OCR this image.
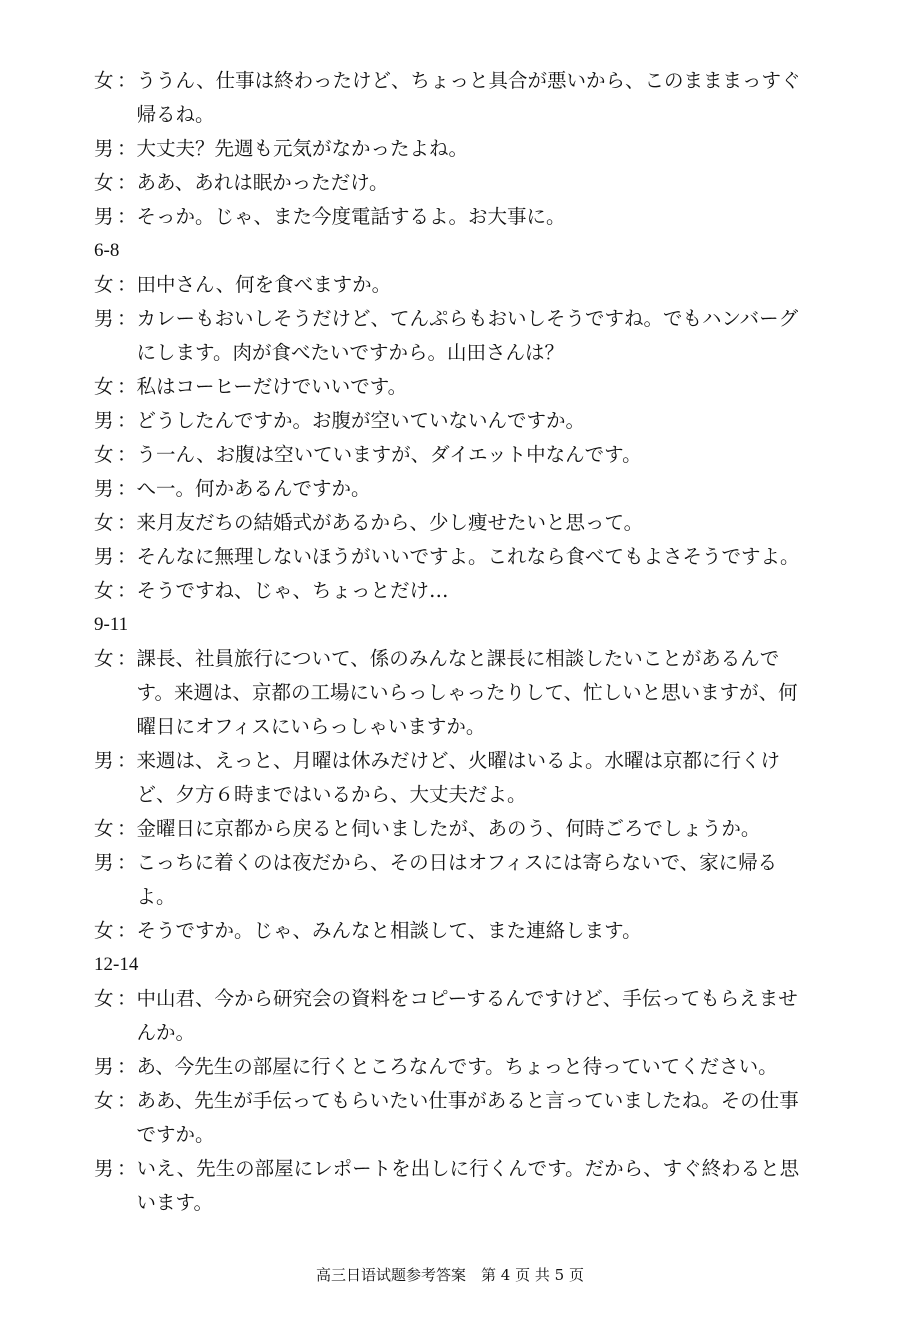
女 ： ううん、仕事は終わったけど、ちょっと具合が悪いから、このまままっすぐ帰るね。
男 ： 大丈夫？先週も元気がなかったよね。
女 ： ああ、あれは眠かっただけ。
男 ： そっか。じゃ、また今度電話するよ。お大事に。
6-8
女 ： 田中さん、何を食べますか。
男 ： カレーもおいしそうだけど、てんぷらもおいしそうですね。でもハンバーグにします。肉が食べたいですから。山田さんは？
女 ： 私はコーヒーだけでいいです。
男 ： どうしたんですか。お腹が空いていないんですか。
女 ： う一ん、お腹は空いていますが、ダイエット中なんです。
男 ： へ一。何かあるんですか。
女 ： 来月友だちの結婚式があるから、少し痩せたいと思って。
男 ： そんなに無理しないほうがいいですよ。これなら食べてもよさそうですよ。
女 ： そうですね、じゃ、ちょっとだけ…
9-11
女 ： 課長、社員旅行について、係のみんなと課長に相談したいことがあるんです。来週は、京都の工場にいらっしゃったりして、忙しいと思いますが、何曜日にオフィスにいらっしゃいますか。
男 ： 来週は、えっと、月曜は休みだけど、火曜はいるよ。水曜は京都に行くけど、夕方６時まではいるから、大丈夫だよ。
女 ： 金曜日に京都から戻ると伺いましたが、あのう、何時ごろでしょうか。
男 ： こっちに着くのは夜だから、その日はオフィスには寄らないで、家に帰るよ。
女 ： そうですか。じゃ、みんなと相談して、また連絡します。
12-14
女 ： 中山君、今から研究会の資料をコピーするんですけど、手伝ってもらえませんか。
男 ： あ、今先生の部屋に行くところなんです。ちょっと待っていてください。
女 ： ああ、先生が手伝ってもらいたい仕事があると言っていましたね。その仕事ですか。
男 ： いえ、先生の部屋にレポートを出しに行くんです。だから、すぐ終わると思います。
高三日语试题参考答案　第 4 页 共 5 页
